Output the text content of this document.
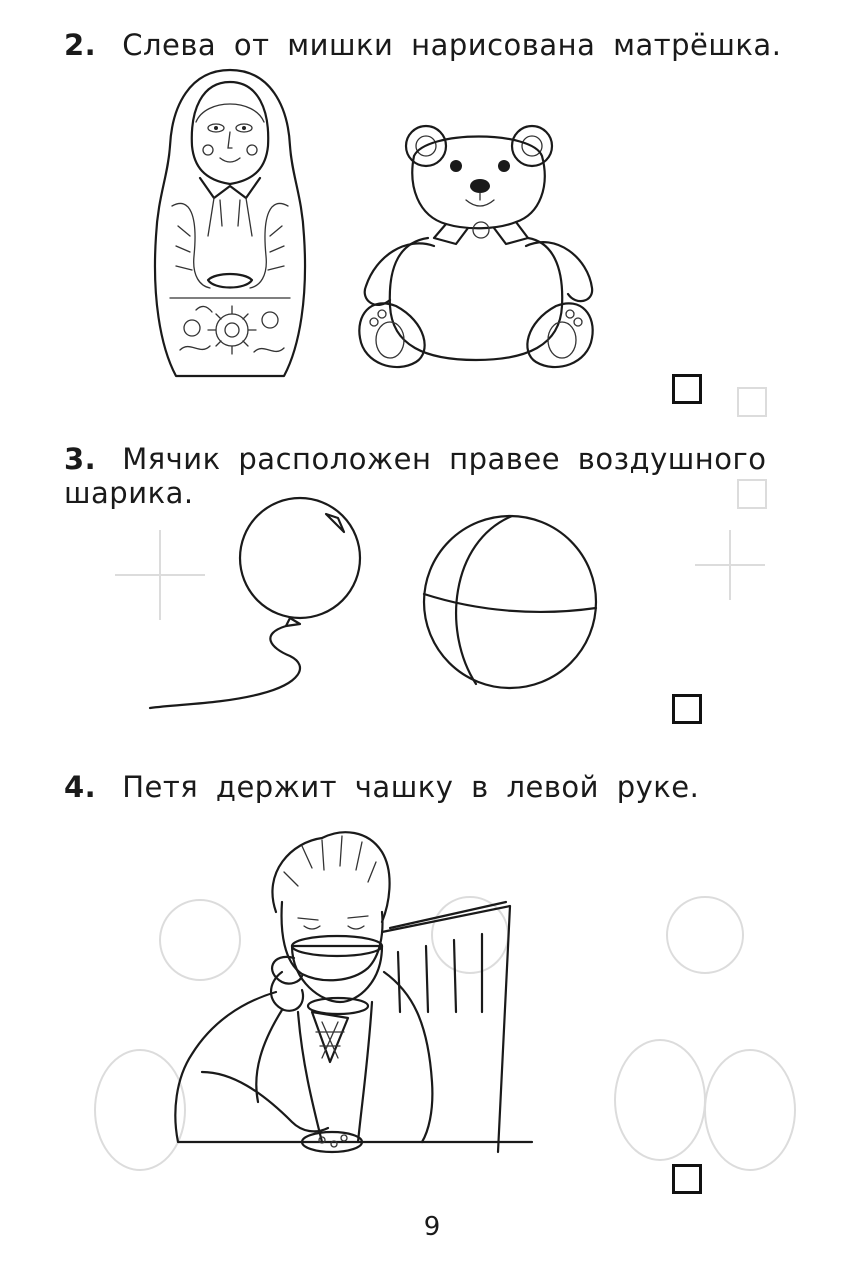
2. Слева от мишки нарисована матрёшка.
3. Мячик расположен правее воздушного шарика.
4. Петя держит чашку в левой руке.
9
